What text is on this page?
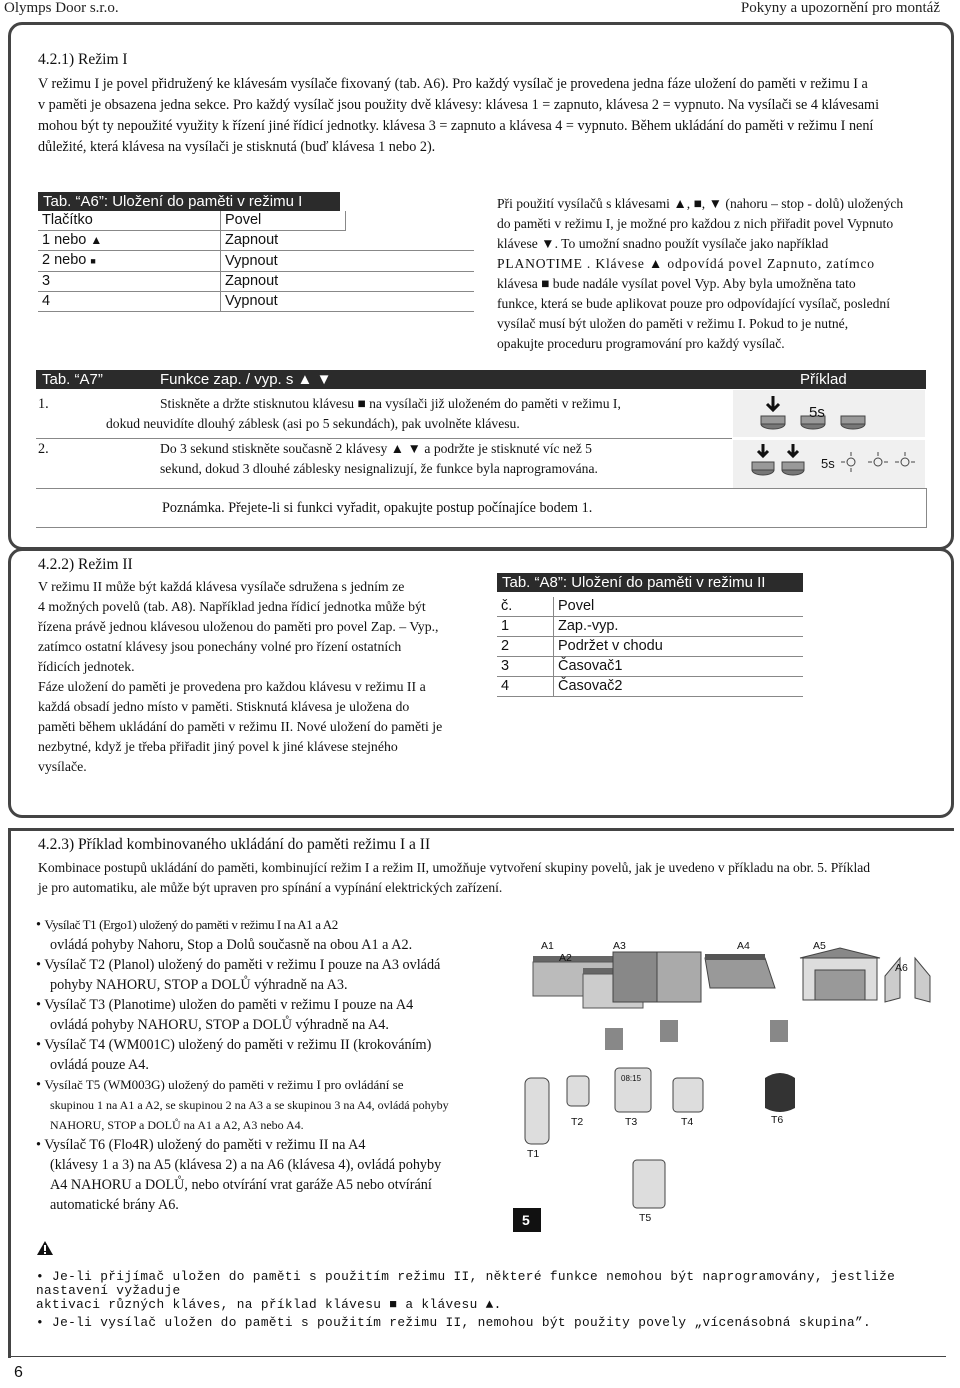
Olymps Door s.r.o.	Pokyny a upozornění pro montáž
4.2.1) Režim I
V režimu I je povel přidružený ke klávesám vysílače fixovaný (tab. A6). Pro každý vysílač je provedena jedna fáze uložení do paměti v režimu I a
v paměti je obsazena jedna sekce. Pro každý vysílač jsou použity dvě klávesy: klávesa 1 = zapnuto, klávesa 2 = vypnuto. Na vysílači se 4 klávesami
mohou být ty nepoužité využity k řízení jiné řídicí jednotky. klávesa 3 = zapnuto a klávesa 4 = vypnuto. Během ukládání do paměti v režimu I není
důležité, která klávesa na vysílači je stisknutá (buď klávesa 1 nebo 2).
Tab. “A6”: Uložení do paměti v režimu I
Tlačítko	Povel	
1 nebo ▲	Zapnout	
2 nebo ■	Vypnout	
3	Zapnout	
4	Vypnout	
Při použití vysílačů s klávesami ▲, ■, ▼ (nahoru – stop - dolů) uložených
do paměti v režimu I, je možné pro každou z nich přiřadit povel Vypnuto
klávese ▼. To umožní snadno použít vysílače jako například
PLANOTIME . Klávese ▲ odpovídá povel Zapnuto, zatímco
klávesa ■ bude nadále vysílat povel Vyp. Aby byla umožněna tato
funkce, která se bude aplikovat pouze pro odpovídající vysílač, poslední
vysílač musí být uložen do paměti v režimu I. Pokud to je nutné,
opakujte proceduru programování pro každý vysílač.
Tab. “A7”	Funkce zap. / vyp. s ▲ ▼	Příklad
1.	Stiskněte a držte stisknutou klávesu ■ na vysílači již uloženém do paměti v režimu I,
dokud neuvidíte dlouhý záblesk (asi po 5 sekundách), pak uvolněte klávesu.
2.	Do 3 sekund stiskněte současně 2 klávesy ▲ ▼ a podržte je stisknuté víc než 5
sekund, dokud 3 dlouhé záblesky nesignalizují, že funkce byla naprogramována.
5s
5s
Poznámka. Přejete-li si funkci vyřadit, opakujte postup počínajíce bodem 1.
4.2.2) Režim II
V režimu II může být každá klávesa vysílače sdružena s jedním ze
4 možných povelů (tab. A8). Například jedna řídicí jednotka může být
řízena právě jednou klávesou uloženou do paměti pro povel Zap. – Vyp.,
zatímco ostatní klávesy jsou ponechány volné pro řízení ostatních
řídicích jednotek.
Fáze uložení do paměti je provedena pro každou klávesu v režimu II a
každá obsadí jedno místo v paměti. Stisknutá klávesa je uložena do
paměti během ukládání do paměti v režimu II. Nové uložení do paměti je
nezbytné, když je třeba přiřadit jiný povel k jiné klávese stejného
vysílače.
Tab. “A8”: Uložení do paměti v režimu II
č.	Povel
1	Zap.-vyp.
2	Podržet v chodu
3	Časovač1
4	Časovač2
4.2.3) Příklad kombinovaného ukládání do paměti režimu I a II
Kombinace postupů ukládání do paměti, kombinující režim I a režim II, umožňuje vytvoření skupiny povelů, jak je uvedeno v příkladu na obr. 5. Příklad
je pro automatiku, ale může být upraven pro spínání a vypínání elektrických zařízení.
• Vysílač T1 (Ergo1) uložený do paměti v režimu I na A1 a A2
ovládá pohyby Nahoru, Stop a Dolů současně na obou A1 a A2.
• Vysílač T2 (Planol) uložený do paměti v režimu I pouze na A3 ovládá
pohyby NAHORU, STOP a DOLŮ výhradně na A3.
• Vysílač T3 (Planotime) uložen do paměti v režimu I pouze na A4
ovládá pohyby NAHORU, STOP a DOLŮ výhradně na A4.
• Vysílač T4 (WM001C) uložený do paměti v režimu II (krokováním)
ovládá pouze A4.
• Vysílač T5 (WM003G) uložený do paměti v režimu I pro ovládání se
skupinou 1 na A1 a A2, se skupinou 2 na A3 a se skupinou 3 na A4, ovládá pohyby
NAHORU, STOP a DOLŮ na A1 a A2, A3 nebo A4.
• Vysílač T6 (Flo4R) uložený do paměti v režimu II na A4
(klávesy 1 a 3) na A5 (klávesa 2) a na A6 (klávesa 4), ovládá pohyby
A4 NAHORU a DOLŮ, nebo otvírání vrat garáže A5 nebo otvírání
automatické brány A6.
A1
A2
A3	A4	A5
A6
T1
T2	T3	T4
T5
T6
08:15
5
• Je-li přijímač uložen do paměti s použitím režimu II, některé funkce nemohou být naprogramovány, jestliže nastavení vyžaduje
aktivaci různých kláves, na příklad klávesu ■ a klávesu ▲.
• Je-li vysílač uložen do paměti s použitím režimu II, nemohou být použity povely „vícenásobná skupina”.
6
